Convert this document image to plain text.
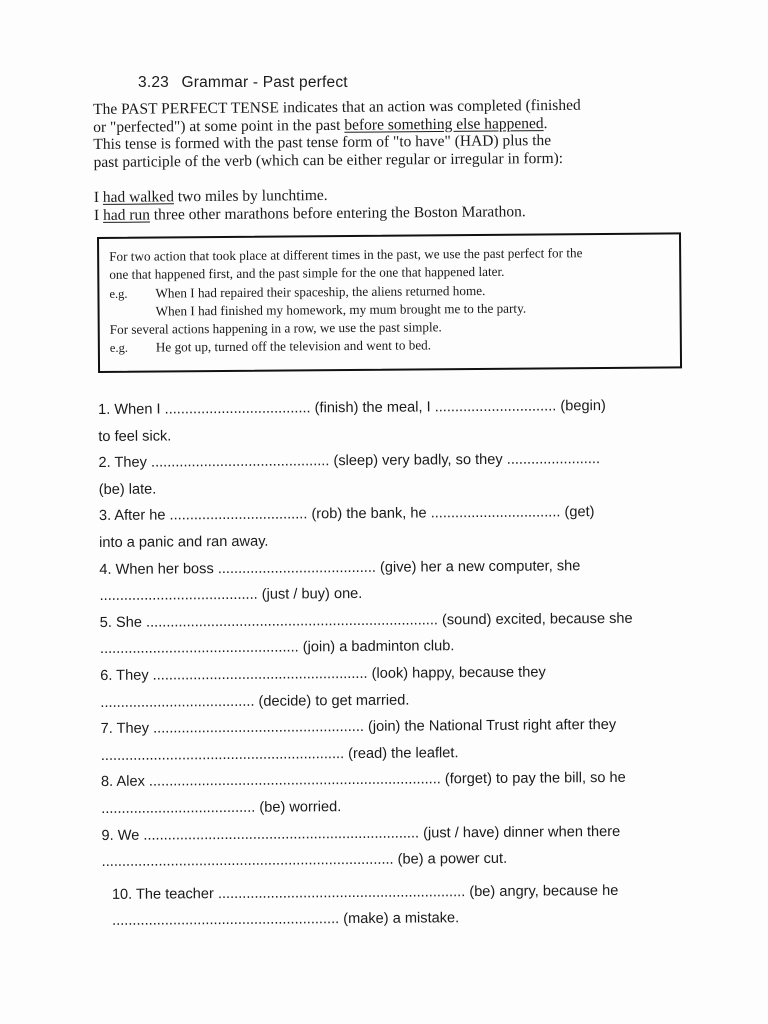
3.23 Grammar - Past perfect

The PAST PERFECT TENSE indicates that an action was completed (finished

or "perfected") at some point in the past before something else happened.

This tense is formed with the past tense form of "to have" (HAD) plus the

past participle of the verb (which can be either regular or irregular in form):

I had walked two miles by lunchtime.

I had run three other marathons before entering the Boston Marathon.

For two action that took place at different times in the past, we use the past perfect for the

one that happened first, and the past simple for the one that happened later.

e.g.	When I had repaired their spaceship, the aliens returned home.

When I had finished my homework, my mum brought me to the party.

For several actions happening in a row, we use the past simple.

e.g.	He got up, turned off the television and went to bed.
1. When I .................................... (finish) the meal, I .............................. (begin)
to feel sick.
2. They ............................................ (sleep) very badly, so they .......................
(be) late.
3. After he .................................. (rob) the bank, he ................................ (get)
into a panic and ran away.
4. When her boss ....................................... (give) her a new computer, she
....................................... (just / buy) one.
5. She ........................................................................ (sound) excited, because she
................................................. (join) a badminton club.
6. They ..................................................... (look) happy, because they
...................................... (decide) to get married.
7. They .................................................... (join) the National Trust right after they
............................................................ (read) the leaflet.
8. Alex ........................................................................ (forget) to pay the bill, so he
...................................... (be) worried.
9. We .................................................................... (just / have) dinner when there
........................................................................ (be) a power cut.
10. The teacher ............................................................. (be) angry, because he
........................................................ (make) a mistake.
